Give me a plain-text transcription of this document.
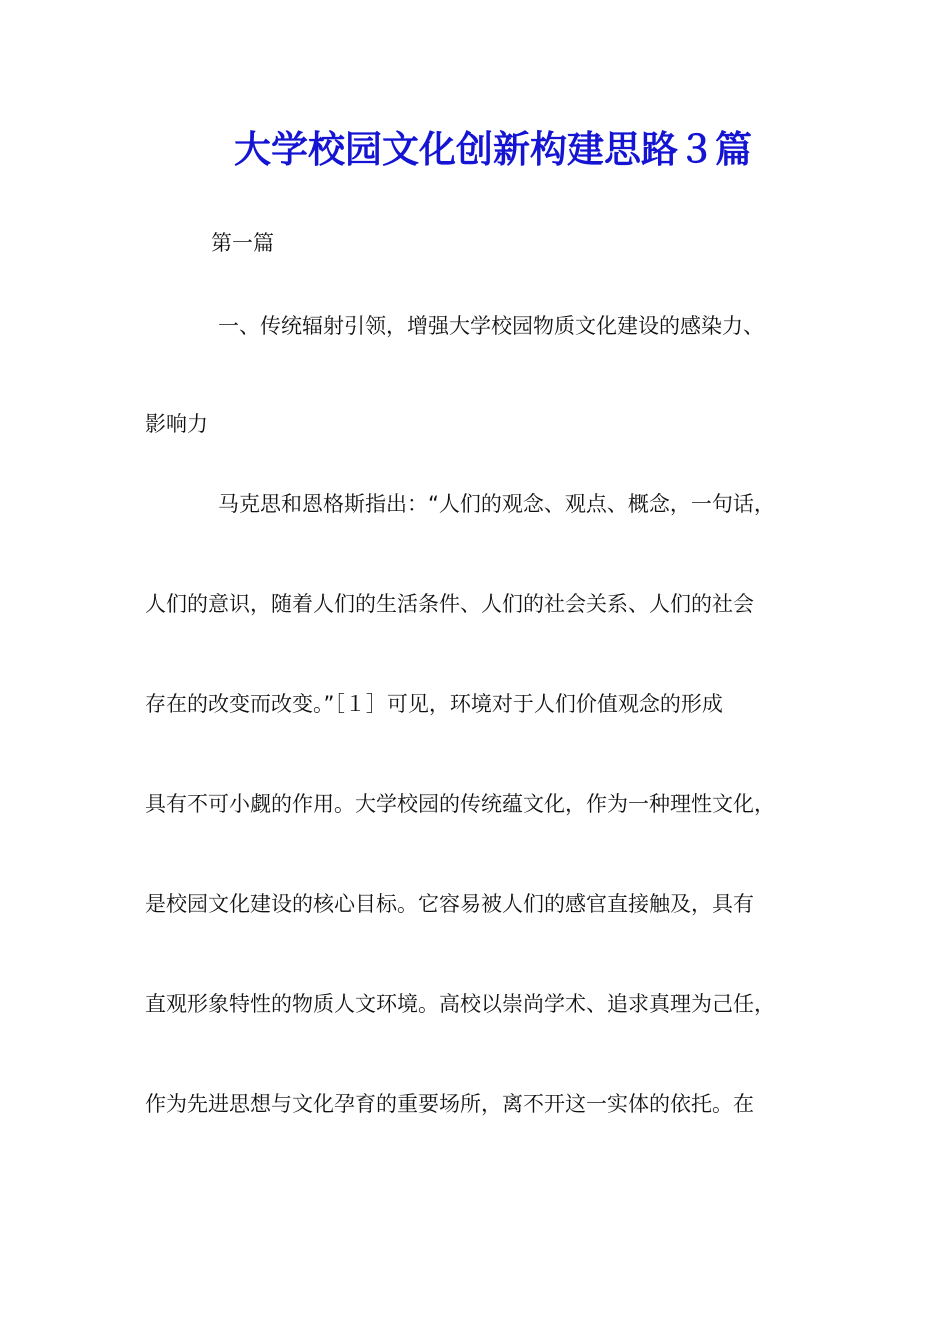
大学校园文化创新构建思路３篇
第一篇
一、传统辐射引领，增强大学校园物质文化建设的感染力、
影响力
马克思和恩格斯指出：“人们的观念、观点、概念，一句话，
人们的意识，随着人们的生活条件、人们的社会关系、人们的社会
存在的改变而改变。”［１］可见，环境对于人们价值观念的形成
具有不可小觑的作用。大学校园的传统蕴文化，作为一种理性文化，
是校园文化建设的核心目标。它容易被人们的感官直接触及，具有
直观形象特性的物质人文环境。高校以崇尚学术、追求真理为己任，
作为先进思想与文化孕育的重要场所，离不开这一实体的依托。在
